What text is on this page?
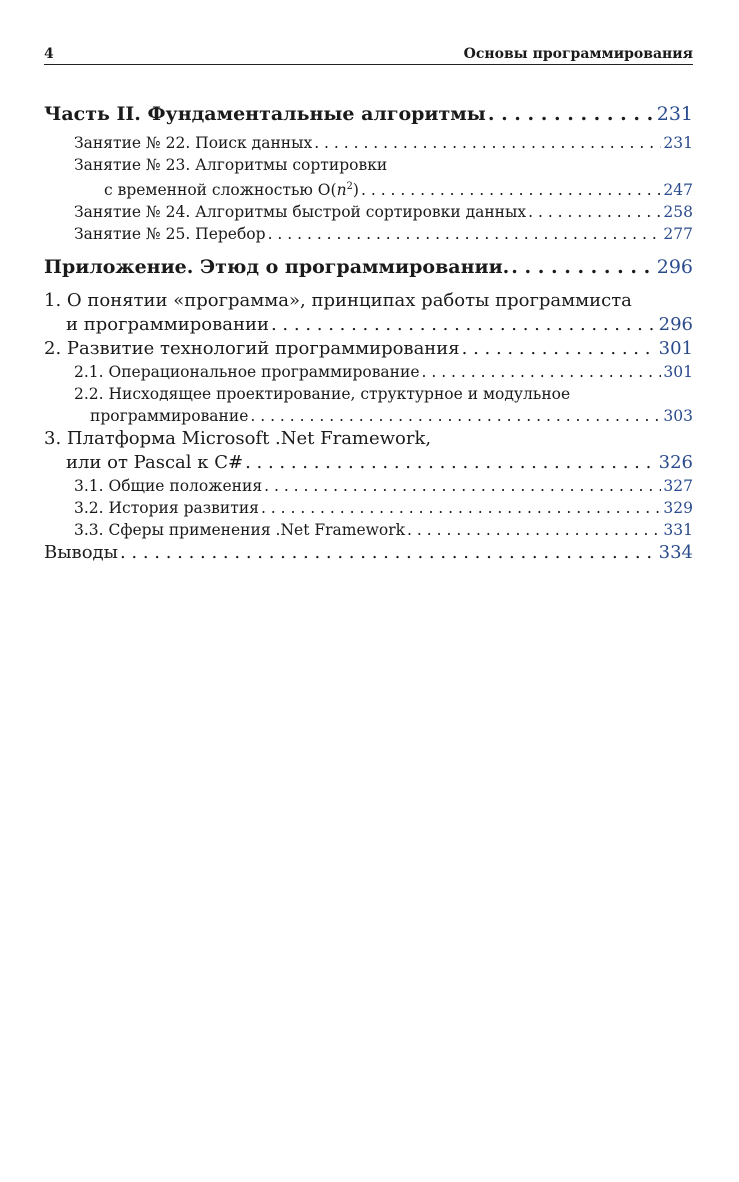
4	Основы программирования
Часть II. Фундаментальные алгоритмы . . .	231
Занятие № 22. Поиск данных . . .	231
Занятие № 23. Алгоритмы сортировки
с временной сложностью $O(n^2)$ . . .	247
Занятие № 24. Алгоритмы быстрой сортировки данных . . .	258
Занятие № 25. Перебор . . .	277
Приложение. Этюд о программировании. . . .	296
1. О понятии «программа», принципах работы программиста
и программировании . . .	296
2. Развитие технологий программирования . . .	301
2.1. Операциональное программирование . . .	301
2.2. Нисходящее проектирование, структурное и модульное
программирование . . .	303
3. Платформа Microsoft .Net Framework,
или от Pascal к C# . . .	326
3.1. Общие положения . . .	327
3.2. История развития . . .	329
3.3. Сферы применения .Net Framework . . .	331
Выводы . . .	334
